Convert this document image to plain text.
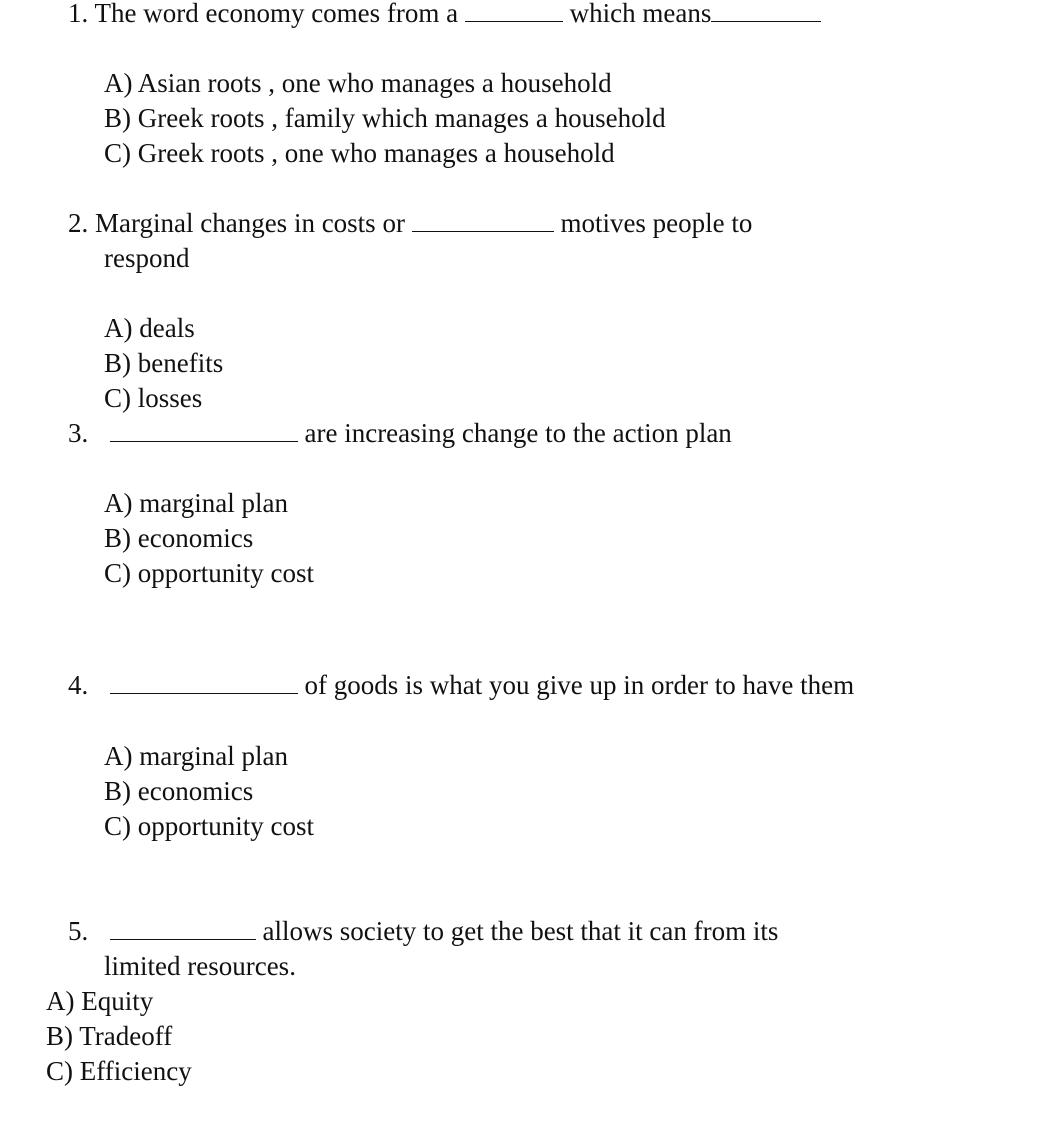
1. The word economy comes from a	which means
A) Asian roots , one who manages a household
B) Greek roots , family which manages a household
C) Greek roots , one who manages a household
2. Marginal changes in costs or	motives people to
respond
A) deals
B) benefits
C) losses
3.	are increasing change to the action plan
A) marginal plan
B) economics
C) opportunity cost
4.	of goods is what you give up in order to have them
A) marginal plan
B) economics
C) opportunity cost
5.	allows society to get the best that it can from its
limited resources.
A) Equity
B) Tradeoff
C) Efficiency
